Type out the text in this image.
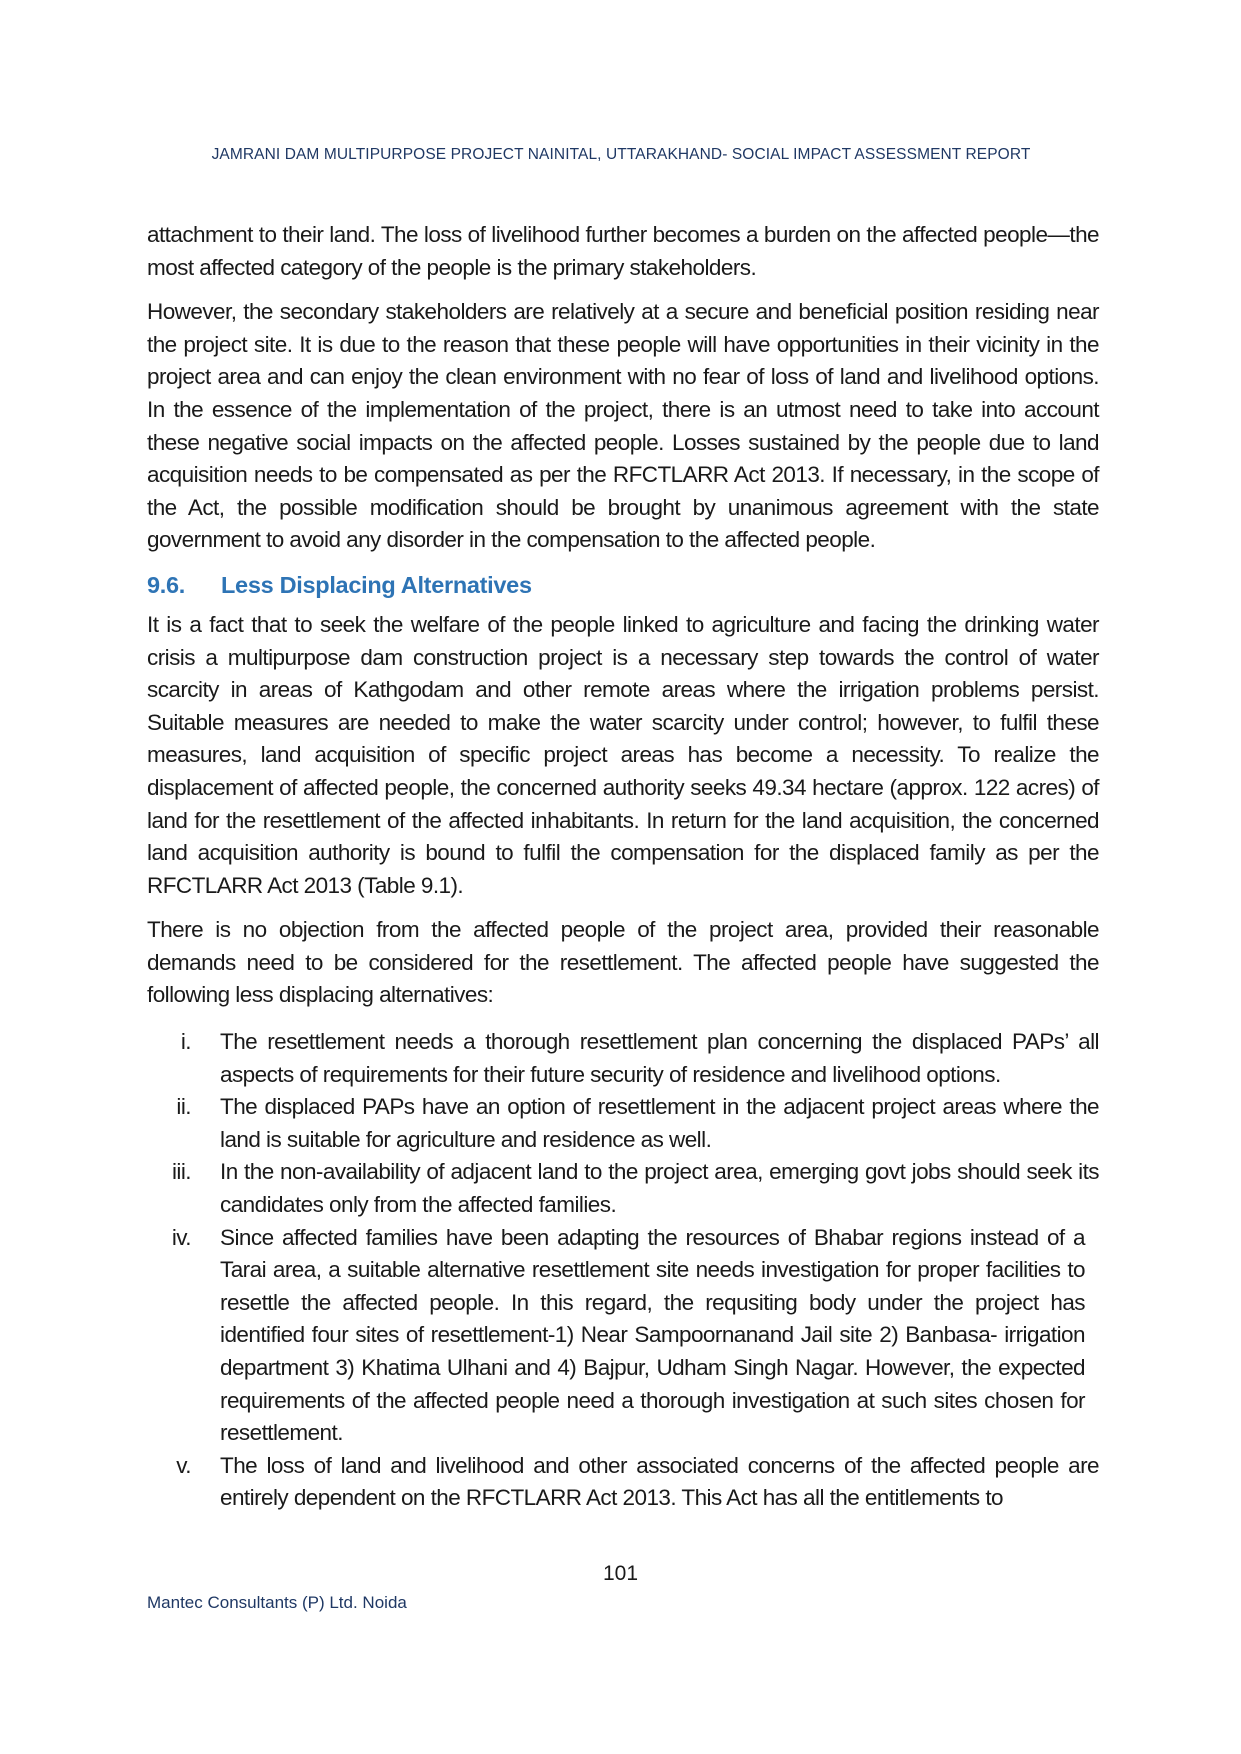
JAMRANI DAM MULTIPURPOSE PROJECT NAINITAL, UTTARAKHAND- SOCIAL IMPACT ASSESSMENT REPORT

attachment to their land. The loss of livelihood further becomes a burden on the affected people—the most affected category of the people is the primary stakeholders.

However, the secondary stakeholders are relatively at a secure and beneficial position residing near the project site. It is due to the reason that these people will have opportunities in their vicinity in the project area and can enjoy the clean environment with no fear of loss of land and livelihood options. In the essence of the implementation of the project, there is an utmost need to take into account these negative social impacts on the affected people. Losses sustained by the people due to land acquisition needs to be compensated as per the RFCTLARR Act 2013. If necessary, in the scope of the Act, the possible modification should be brought by unanimous agreement with the state government to avoid any disorder in the compensation to the affected people.

9.6.	Less Displacing Alternatives

It is a fact that to seek the welfare of the people linked to agriculture and facing the drinking water crisis a multipurpose dam construction project is a necessary step towards the control of water scarcity in areas of Kathgodam and other remote areas where the irrigation problems persist. Suitable measures are needed to make the water scarcity under control; however, to fulfil these measures, land acquisition of specific project areas has become a necessity. To realize the displacement of affected people, the concerned authority seeks 49.34 hectare (approx. 122 acres) of land for the resettlement of the affected inhabitants. In return for the land acquisition, the concerned land acquisition authority is bound to fulfil the compensation for the displaced family as per the RFCTLARR Act 2013 (Table 9.1).

There is no objection from the affected people of the project area, provided their reasonable demands need to be considered for the resettlement. The affected people have suggested the following less displacing alternatives:

i.	The resettlement needs a thorough resettlement plan concerning the displaced PAPs’ all aspects of requirements for their future security of residence and livelihood options.
ii.	The displaced PAPs have an option of resettlement in the adjacent project areas where the land is suitable for agriculture and residence as well.
iii.	In the non-availability of adjacent land to the project area, emerging govt jobs should seek its candidates only from the affected families.
iv.	Since affected families have been adapting the resources of Bhabar regions instead of a Tarai area, a suitable alternative resettlement site needs investigation for proper facilities to resettle the affected people. In this regard, the requsiting body under the project has identified four sites of resettlement-1) Near Sampoornanand Jail site 2) Banbasa- irrigation department 3) Khatima Ulhani and 4) Bajpur, Udham Singh Nagar. However, the expected requirements of the affected people need a thorough investigation at such sites chosen for resettlement.
v.	The loss of land and livelihood and other associated concerns of the affected people are entirely dependent on the RFCTLARR Act 2013. This Act has all the entitlements to
101
Mantec Consultants (P) Ltd. Noida
